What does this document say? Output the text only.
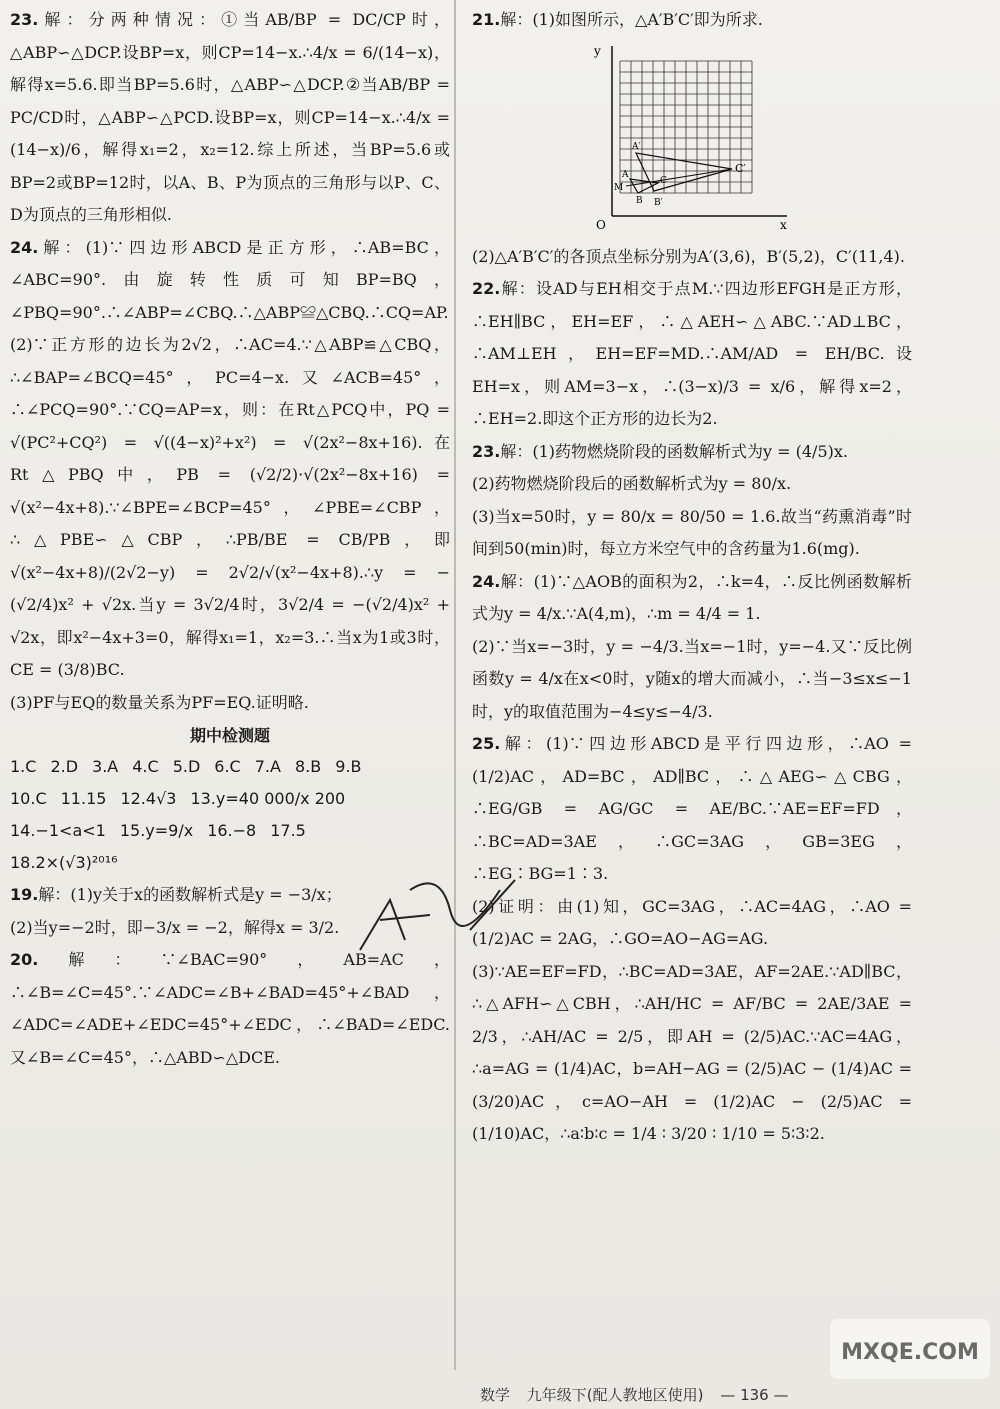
23.解：分两种情况：①当AB/BP = DC/CP时，△ABP∽△DCP.设BP=x，则CP=14−x.∴4/x = 6/(14−x)，解得x=5.6.即当BP=5.6时，△ABP∽△DCP.②当AB/BP = PC/CD时，△ABP∽△PCD.设BP=x，则CP=14−x.∴4/x = (14−x)/6，解得x₁=2，x₂=12.综上所述，当BP=5.6或BP=2或BP=12时，以A、B、P为顶点的三角形与以P、C、D为顶点的三角形相似.

24.解：(1)∵四边形ABCD是正方形，∴AB=BC，∠ABC=90°.由旋转性质可知BP=BQ，∠PBQ=90°.∴∠ABP=∠CBQ.∴△ABP≌△CBQ.∴CQ=AP.

(2)∵正方形的边长为2√2，∴AC=4.∵△ABP≌△CBQ，∴∠BAP=∠BCQ=45°，PC=4−x.又∠ACB=45°，∴∠PCQ=90°.∵CQ=AP=x，则：在Rt△PCQ中，PQ = √(PC²+CQ²) = √((4−x)²+x²) = √(2x²−8x+16).在Rt△PBQ中，PB = (√2/2)·√(2x²−8x+16) = √(x²−4x+8).∵∠BPE=∠BCP=45°，∠PBE=∠CBP，∴△PBE∽△CBP，∴PB/BE = CB/PB，即√(x²−4x+8)/(2√2−y) = 2√2/√(x²−4x+8).∴y = −(√2/4)x² + √2x.当y = 3√2/4时，3√2/4 = −(√2/4)x² + √2x，即x²−4x+3=0，解得x₁=1，x₂=3.∴当x为1或3时，CE = (3/8)BC.

(3)PF与EQ的数量关系为PF=EQ.证明略.

期中检测题

1.C 2.D 3.A 4.C 5.D 6.C 7.A 8.B 9.B

10.C 11.15 12.4√3 13.y=40 000/x 200

14.−1<a<1 15.y=9/x 16.−8 17.5

18.2×(√3)²⁰¹⁶

19.解：(1)y关于x的函数解析式是y = −3/x；

(2)当y=−2时，即−3/x = −2，解得x = 3/2.

20.解：∵∠BAC=90°，AB=AC，∴∠B=∠C=45°.∵∠ADC=∠B+∠BAD=45°+∠BAD，∠ADC=∠ADE+∠EDC=45°+∠EDC，∴∠BAD=∠EDC.又∠B=∠C=45°，∴△ABD∽△DCE.

21.解：(1)如图所示，△A′B′C′即为所求.

y
x
O
A′
B′
C′
A
B
C
M

(2)△A′B′C′的各顶点坐标分别为A′(3,6)，B′(5,2)，C′(11,4).

22.解：设AD与EH相交于点M.∵四边形EFGH是正方形，∴EH∥BC，EH=EF，∴△AEH∽△ABC.∵AD⊥BC，∴AM⊥EH，EH=EF=MD.∴AM/AD = EH/BC.设EH=x，则AM=3−x，∴(3−x)/3 = x/6，解得x=2，∴EH=2.即这个正方形的边长为2.

23.解：(1)药物燃烧阶段的函数解析式为y = (4/5)x.

(2)药物燃烧阶段后的函数解析式为y = 80/x.

(3)当x=50时，y = 80/x = 80/50 = 1.6.故当“药熏消毒”时间到50(min)时，每立方米空气中的含药量为1.6(mg).

24.解：(1)∵△AOB的面积为2，∴k=4，∴反比例函数解析式为y = 4/x.∵A(4,m)，∴m = 4/4 = 1.

(2)∵当x=−3时，y = −4/3.当x=−1时，y=−4.又∵反比例函数y = 4/x在x<0时，y随x的增大而减小，∴当−3≤x≤−1时，y的取值范围为−4≤y≤−4/3.

25.解：(1)∵四边形ABCD是平行四边形，∴AO = (1/2)AC，AD=BC，AD∥BC，∴△AEG∽△CBG，∴EG/GB = AG/GC = AE/BC.∵AE=EF=FD，∴BC=AD=3AE，∴GC=3AG，GB=3EG，∴EG∶BG=1∶3.

(2)证明：由(1)知，GC=3AG，∴AC=4AG，∴AO = (1/2)AC = 2AG，∴GO=AO−AG=AG.

(3)∵AE=EF=FD，∴BC=AD=3AE，AF=2AE.∵AD∥BC，∴△AFH∽△CBH，∴AH/HC = AF/BC = 2AE/3AE = 2/3，∴AH/AC = 2/5，即AH = (2/5)AC.∵AC=4AG，∴a=AG = (1/4)AC，b=AH−AG = (2/5)AC − (1/4)AC = (3/20)AC，c=AO−AH = (1/2)AC − (2/5)AC = (1/10)AC，∴a∶b∶c = 1/4 ∶ 3/20 ∶ 1/10 = 5∶3∶2.

数学 九年级下(配人教地区使用) — 136 —
MXQE.COM
